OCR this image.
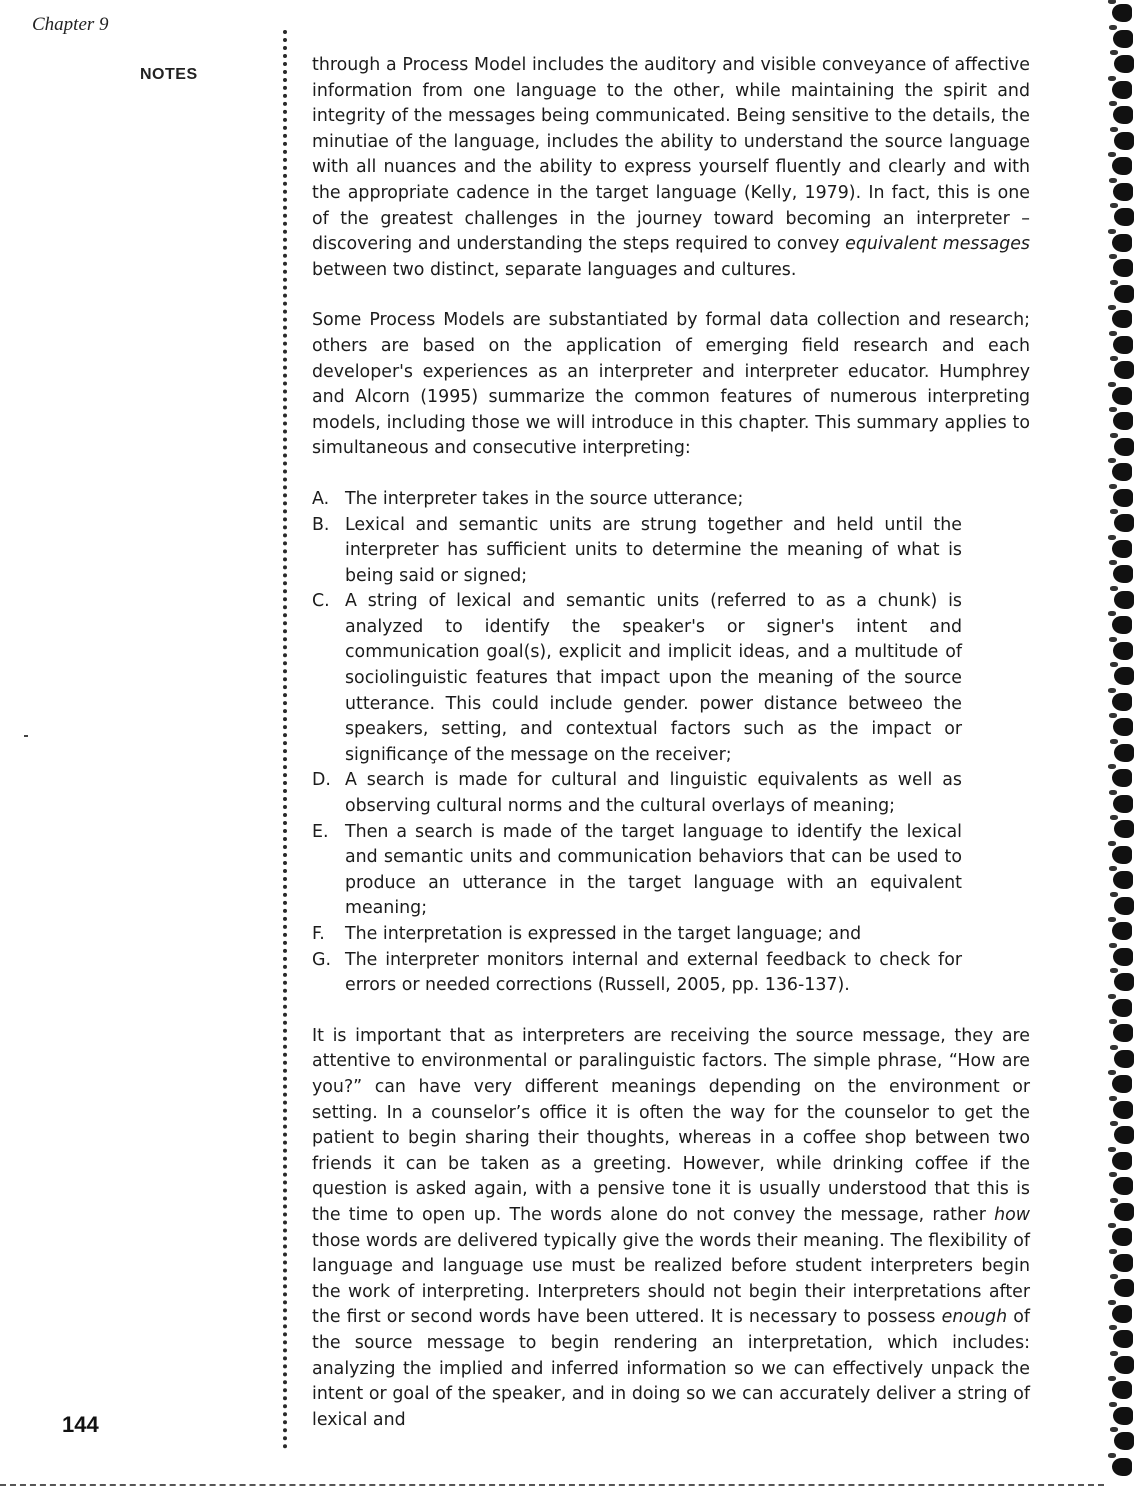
Chapter 9
NOTES
144

through a Process Model includes the auditory and visible conveyance of affective information from one language to the other, while maintaining the spirit and integrity of the messages being communicated. Being sensitive to the details, the minutiae of the language, includes the ability to understand the source language with all nuances and the ability to express yourself fluently and clearly and with the appropriate cadence in the target language (Kelly, 1979). In fact, this is one of the greatest challenges in the journey toward becoming an interpreter – discovering and understanding the steps required to convey equivalent messages between two distinct, separate languages and cultures.

Some Process Models are substantiated by formal data collection and research; others are based on the application of emerging field research and each developer's experiences as an interpreter and interpreter educator. Humphrey and Alcorn (1995) summarize the common features of numerous interpreting models, including those we will introduce in this chapter. This summary applies to simultaneous and consecutive interpreting:

A. The interpreter takes in the source utterance;
B. Lexical and semantic units are strung together and held until the interpreter has sufficient units to determine the meaning of what is being said or signed;
C. A string of lexical and semantic units (referred to as a chunk) is analyzed to identify the speaker's or signer's intent and communication goal(s), explicit and implicit ideas, and a multitude of sociolinguistic features that impact upon the meaning of the source utterance. This could include gender. power distance betweeo the speakers, setting, and contextual factors such as the impact or significançe of the message on the receiver;
D. A search is made for cultural and linguistic equivalents as well as observing cultural norms and the cultural overlays of meaning;
E. Then a search is made of the target language to identify the lexical and semantic units and communication behaviors that can be used to produce an utterance in the target language with an equivalent meaning;
F. The interpretation is expressed in the target language; and
G. The interpreter monitors internal and external feedback to check for errors or needed corrections (Russell, 2005, pp. 136-137).

It is important that as interpreters are receiving the source message, they are attentive to environmental or paralinguistic factors. The simple phrase, “How are you?” can have very different meanings depending on the environment or setting. In a counselor’s office it is often the way for the counselor to get the patient to begin sharing their thoughts, whereas in a coffee shop between two friends it can be taken as a greeting. However, while drinking coffee if the question is asked again, with a pensive tone it is usually understood that this is the time to open up. The words alone do not convey the message, rather how those words are delivered typically give the words their meaning. The flexibility of language and language use must be realized before student interpreters begin the work of interpreting. Interpreters should not begin their interpretations after the first or second words have been uttered. It is necessary to possess enough of the source message to begin rendering an interpretation, which includes: analyzing the implied and inferred information so we can effectively unpack the intent or goal of the speaker, and in doing so we can accurately deliver a string of lexical and
